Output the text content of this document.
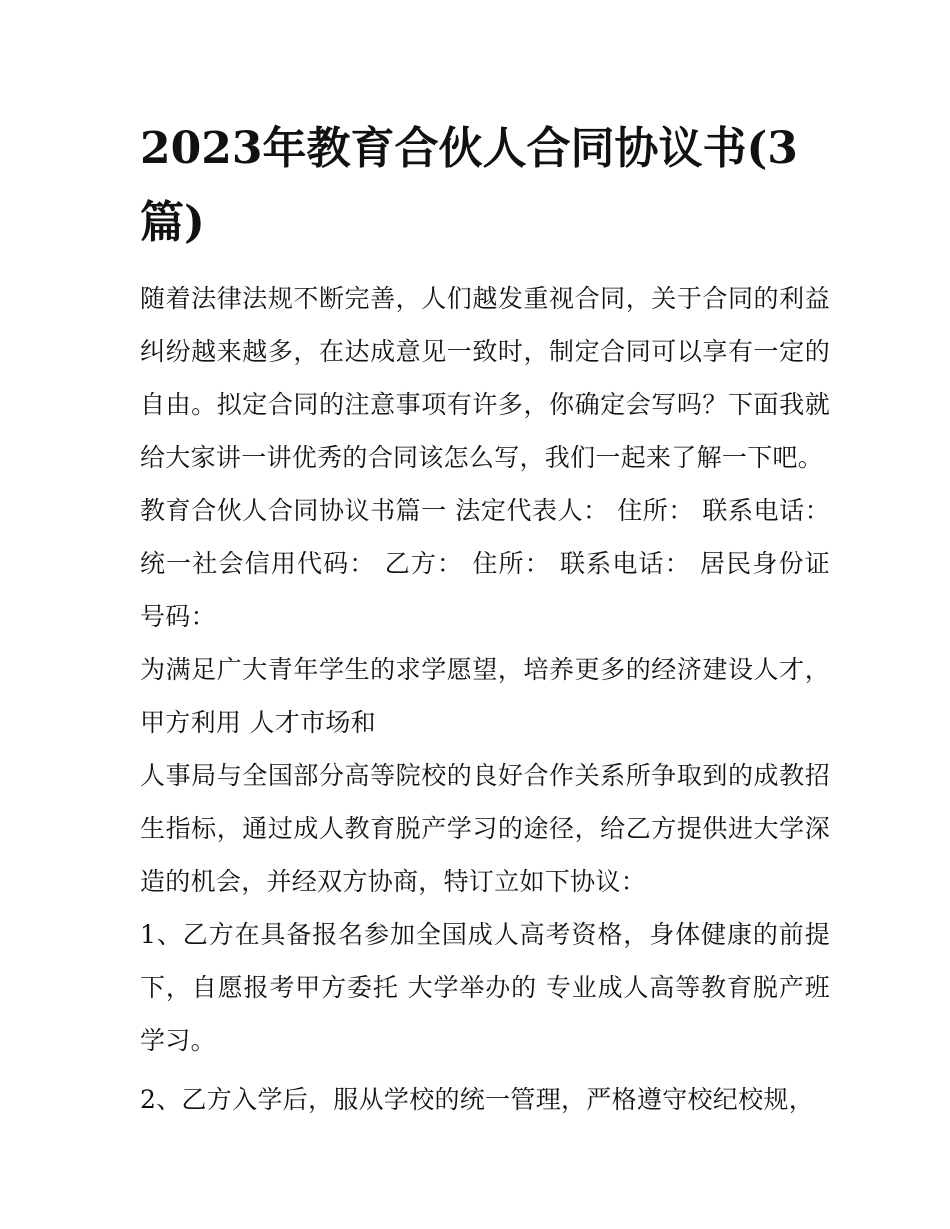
2023年教育合伙人合同协议书(3篇)

随着法律法规不断完善，人们越发重视合同，关于合同的利益纠纷越来越多，在达成意见一致时，制定合同可以享有一定的自由。拟定合同的注意事项有许多，你确定会写吗？下面我就给大家讲一讲优秀的合同该怎么写，我们一起来了解一下吧。

教育合伙人合同协议书篇一 法定代表人： 住所： 联系电话： 统一社会信用代码： 乙方： 住所： 联系电话： 居民身份证号码：

为满足广大青年学生的求学愿望，培养更多的经济建设人才，甲方利用 人才市场和

人事局与全国部分高等院校的良好合作关系所争取到的成教招生指标，通过成人教育脱产学习的途径，给乙方提供进大学深造的机会，并经双方协商，特订立如下协议：

1、乙方在具备报名参加全国成人高考资格，身体健康的前提下，自愿报考甲方委托 大学举办的 专业成人高等教育脱产班学习。

2、乙方入学后，服从学校的统一管理，严格遵守校纪校规，
